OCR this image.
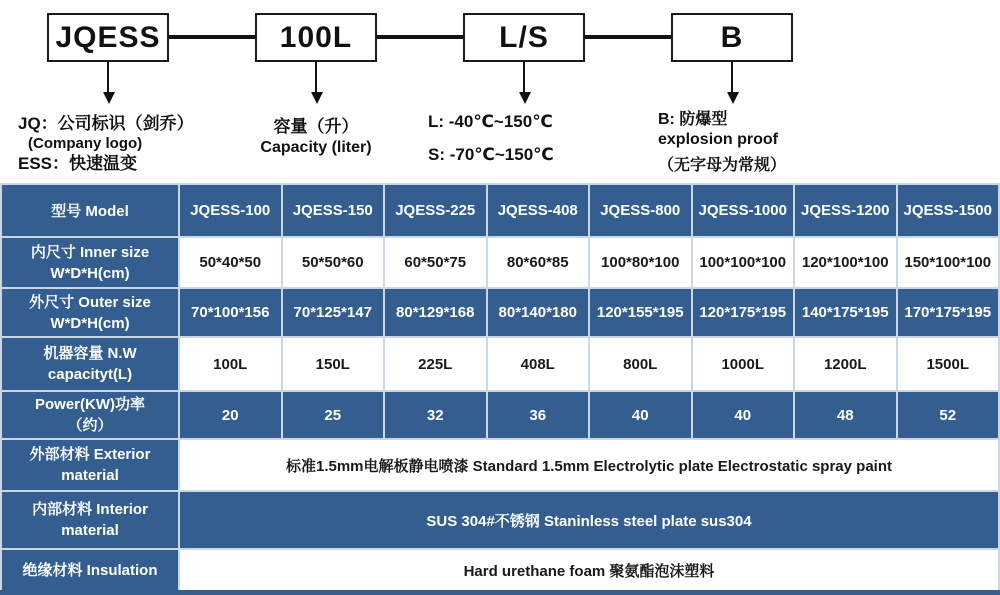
JQESS	100L	L/S	B
JQ：公司标识（剑乔）
(Company logo)
ESS：快速温变
容量（升）
Capacity (liter)
L: -40℃~150℃
S: -70℃~150℃
B: 防爆型
explosion proof
（无字母为常规）
型号 Model	JQESS-100	JQESS-150	JQESS-225	JQESS-408	JQESS-800	JQESS-1000	JQESS-1200	JQESS-1500

内尺寸 Inner size
W*D*H(cm)	50*40*50	50*50*60	60*50*75	80*60*85	100*80*100	100*100*100	120*100*100	150*100*100

外尺寸 Outer size
W*D*H(cm)	70*100*156	70*125*147	80*129*168	80*140*180	120*155*195	120*175*195	140*175*195	170*175*195

机器容量 N.W
capacityt(L)	100L	150L	225L	408L	800L	1000L	1200L	1500L

Power(KW)功率
（约）	20	25	32	36	40	40	48	52

外部材料 Exterior
material	标准1.5mm电解板静电喷漆 Standard 1.5mm Electrolytic plate Electrostatic spray paint							

内部材料 Interior
material	SUS 304#不锈钢 Staninless steel plate sus304							

绝缘材料 Insulation	Hard urethane foam 聚氨酯泡沫塑料							
